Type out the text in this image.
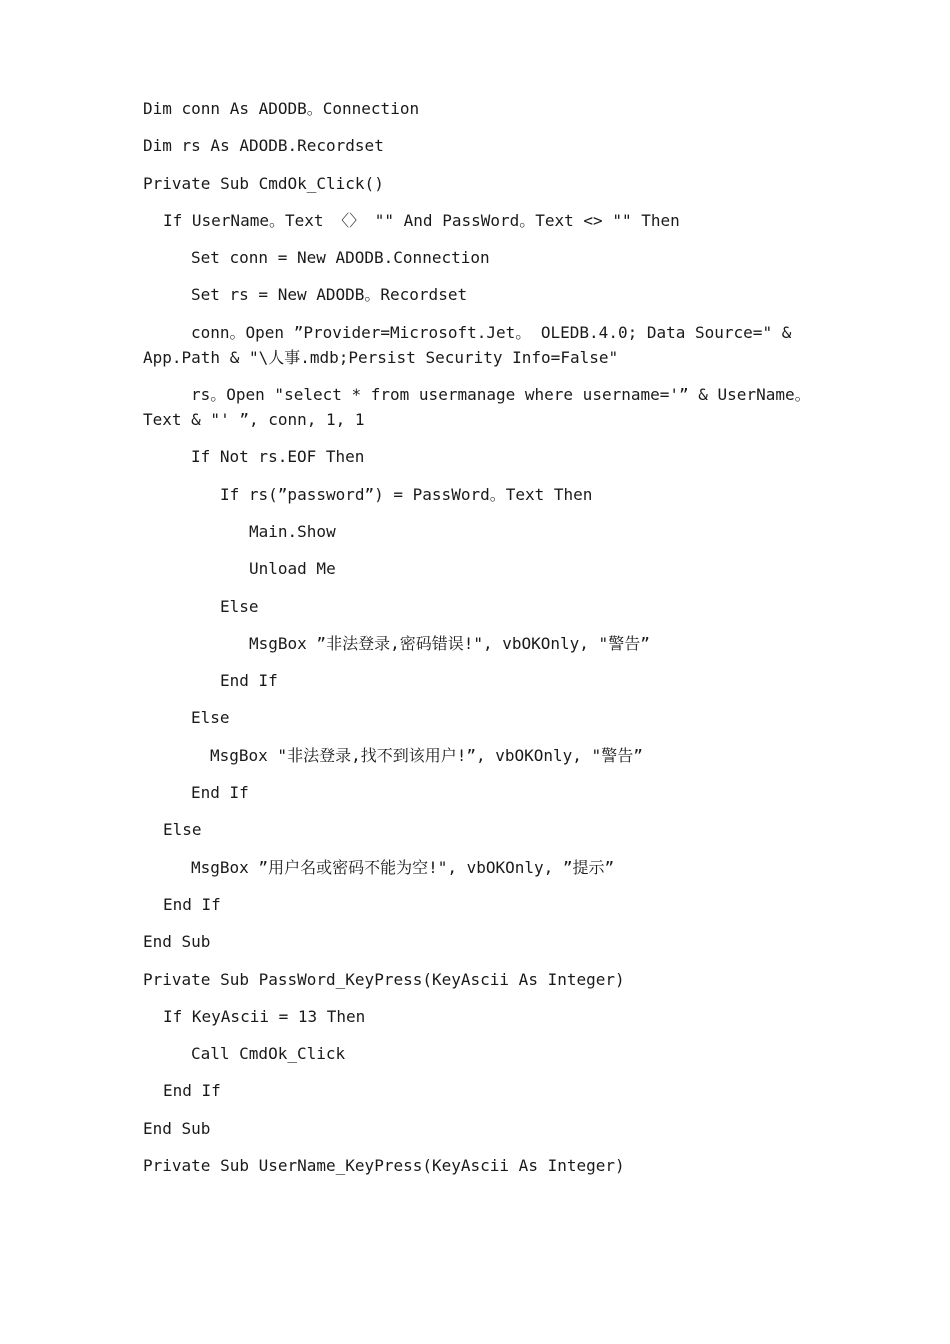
Dim conn As ADODB。Connection
Dim rs As ADODB.Recordset
Private Sub CmdOk_Click()
If UserName。Text 〈〉 "" And PassWord。Text <> "" Then
Set conn = New ADODB.Connection
Set rs = New ADODB。Recordset
conn。Open ”Provider=Microsoft.Jet。 OLEDB.4.0; Data Source=" & App.Path & "\人事.mdb;Persist Security Info=False"
rs。Open "select * from usermanage where username='” & UserName。Text & "' ”, conn, 1, 1
If Not rs.EOF Then
If rs(”password”) = PassWord。Text Then
Main.Show
Unload Me
Else
MsgBox ”非法登录,密码错误!", vbOKOnly, "警告”
End If
Else
MsgBox "非法登录,找不到该用户!”, vbOKOnly, "警告”
End If
Else
MsgBox ”用户名或密码不能为空!", vbOKOnly, ”提示”
End If
End Sub
Private Sub PassWord_KeyPress(KeyAscii As Integer)
If KeyAscii = 13 Then
Call CmdOk_Click
End If
End Sub
Private Sub UserName_KeyPress(KeyAscii As Integer)
